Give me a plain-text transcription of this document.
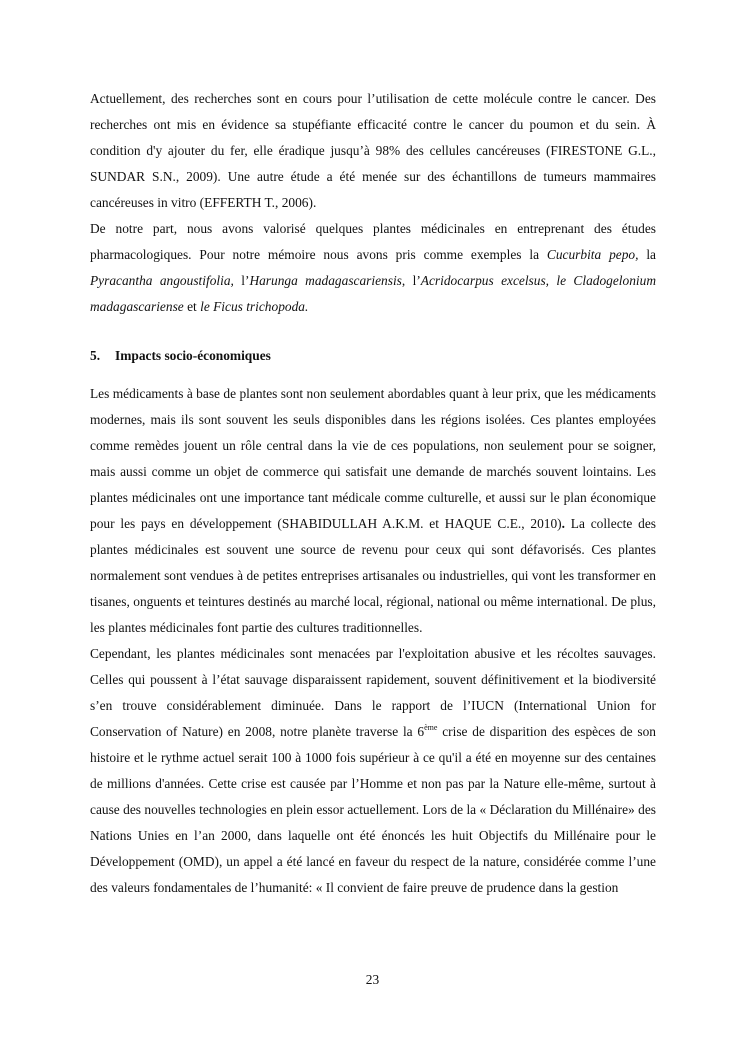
Actuellement, des recherches sont en cours pour l’utilisation de cette molécule contre le cancer. Des recherches ont mis en évidence sa stupéfiante efficacité contre le cancer du poumon et du sein. À condition d'y ajouter du fer, elle éradique jusqu’à 98% des cellules cancéreuses (FIRESTONE G.L., SUNDAR S.N., 2009). Une autre étude a été menée sur des échantillons de tumeurs mammaires cancéreuses in vitro (EFFERTH T., 2006).

De notre part, nous avons valorisé quelques plantes médicinales en entreprenant des études pharmacologiques. Pour notre mémoire nous avons pris comme exemples la Cucurbita pepo, la Pyracantha angoustifolia, l’Harunga madagascariensis, l’Acridocarpus excelsus, le Cladogelonium madagascariense et le Ficus trichopoda.

5. Impacts socio-économiques

Les médicaments à base de plantes sont non seulement abordables quant à leur prix, que les médicaments modernes, mais ils sont souvent les seuls disponibles dans les régions isolées. Ces plantes employées comme remèdes jouent un rôle central dans la vie de ces populations, non seulement pour se soigner, mais aussi comme un objet de commerce qui satisfait une demande de marchés souvent lointains. Les plantes médicinales ont une importance tant médicale comme culturelle, et aussi sur le plan économique pour les pays en développement (SHABIDULLAH A.K.M. et HAQUE C.E., 2010). La collecte des plantes médicinales est souvent une source de revenu pour ceux qui sont défavorisés. Ces plantes normalement sont vendues à de petites entreprises artisanales ou industrielles, qui vont les transformer en tisanes, onguents et teintures destinés au marché local, régional, national ou même international. De plus, les plantes médicinales font partie des cultures traditionnelles.

Cependant, les plantes médicinales sont menacées par l'exploitation abusive et les récoltes sauvages. Celles qui poussent à l’état sauvage disparaissent rapidement, souvent définitivement et la biodiversité s’en trouve considérablement diminuée. Dans le rapport de l’IUCN (International Union for Conservation of Nature) en 2008, notre planète traverse la 6ème crise de disparition des espèces de son histoire et le rythme actuel serait 100 à 1000 fois supérieur à ce qu'il a été en moyenne sur des centaines de millions d'années. Cette crise est causée par l’Homme et non pas par la Nature elle-même, surtout à cause des nouvelles technologies en plein essor actuellement. Lors de la « Déclaration du Millénaire» des Nations Unies en l’an 2000, dans laquelle ont été énoncés les huit Objectifs du Millénaire pour le Développement (OMD), un appel a été lancé en faveur du respect de la nature, considérée comme l’une des valeurs fondamentales de l’humanité: « Il convient de faire preuve de prudence dans la gestion

23
